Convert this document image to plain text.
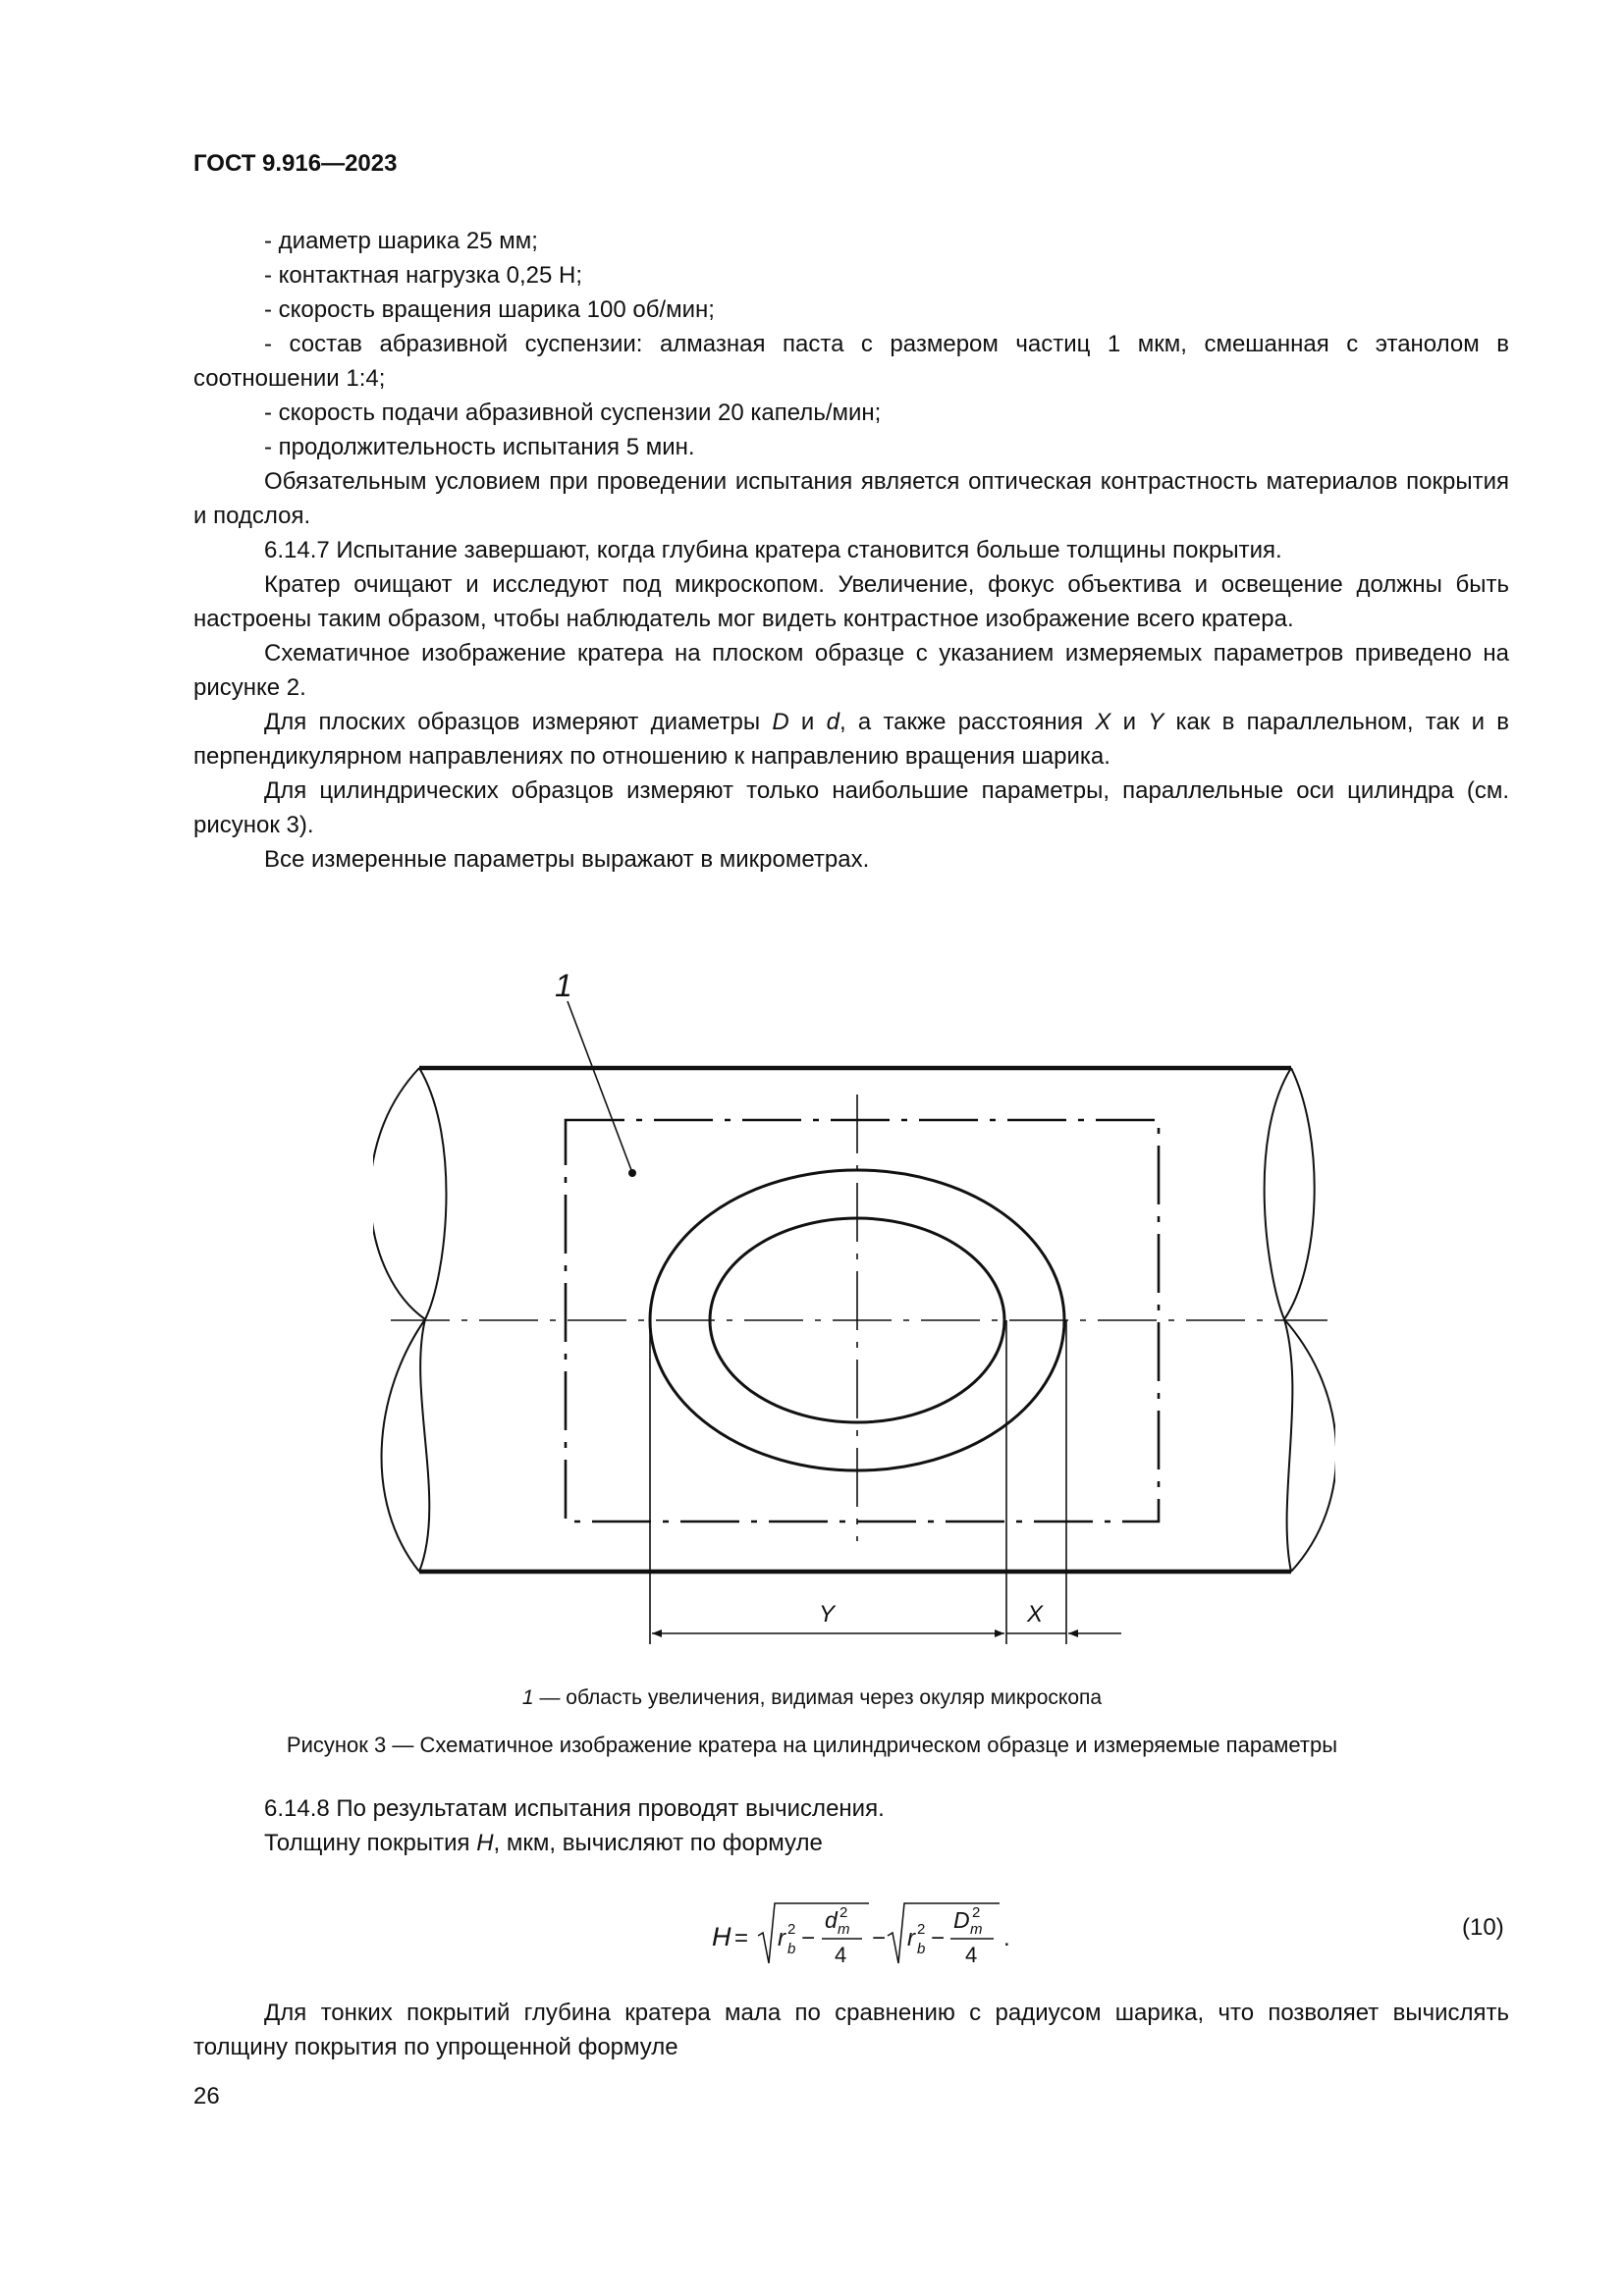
ГОСТ 9.916—2023

- диаметр шарика 25 мм;

- контактная нагрузка 0,25 Н;

- скорость вращения шарика 100 об/мин;

- состав абразивной суспензии: алмазная паста с размером частиц 1 мкм, смешанная с этанолом в соотношении 1:4;

- скорость подачи абразивной суспензии 20 капель/мин;

- продолжительность испытания 5 мин.

Обязательным условием при проведении испытания является оптическая контрастность материалов покрытия и подслоя.

6.14.7 Испытание завершают, когда глубина кратера становится больше толщины покрытия.

Кратер очищают и исследуют под микроскопом. Увеличение, фокус объектива и освещение должны быть настроены таким образом, чтобы наблюдатель мог видеть контрастное изображение всего кратера.

Схематичное изображение кратера на плоском образце с указанием измеряемых параметров приведено на рисунке 2.

Для плоских образцов измеряют диаметры D и d, а также расстояния X и Y как в параллельном, так и в перпендикулярном направлениях по отношению к направлению вращения шарика.

Для цилиндрических образцов измеряют только наибольшие параметры, параллельные оси цилиндра (см. рисунок 3).

Все измеренные параметры выражают в микрометрах.

1
Y	X
1 — область увеличения, видимая через окуляр микроскопа
Рисунок 3 — Схематичное изображение кратера на цилиндрическом образце и измеряемые параметры

6.14.8 По результатам испытания проводят вычисления.

Толщину покрытия H, мкм, вычисляют по формуле

H = r b
2 −
d m
2
4
− r b
2 −
D m
2
4
.	(10)

Для тонких покрытий глубина кратера мала по сравнению с радиусом шарика, что позволяет вычислять толщину покрытия по упрощенной формуле

26
